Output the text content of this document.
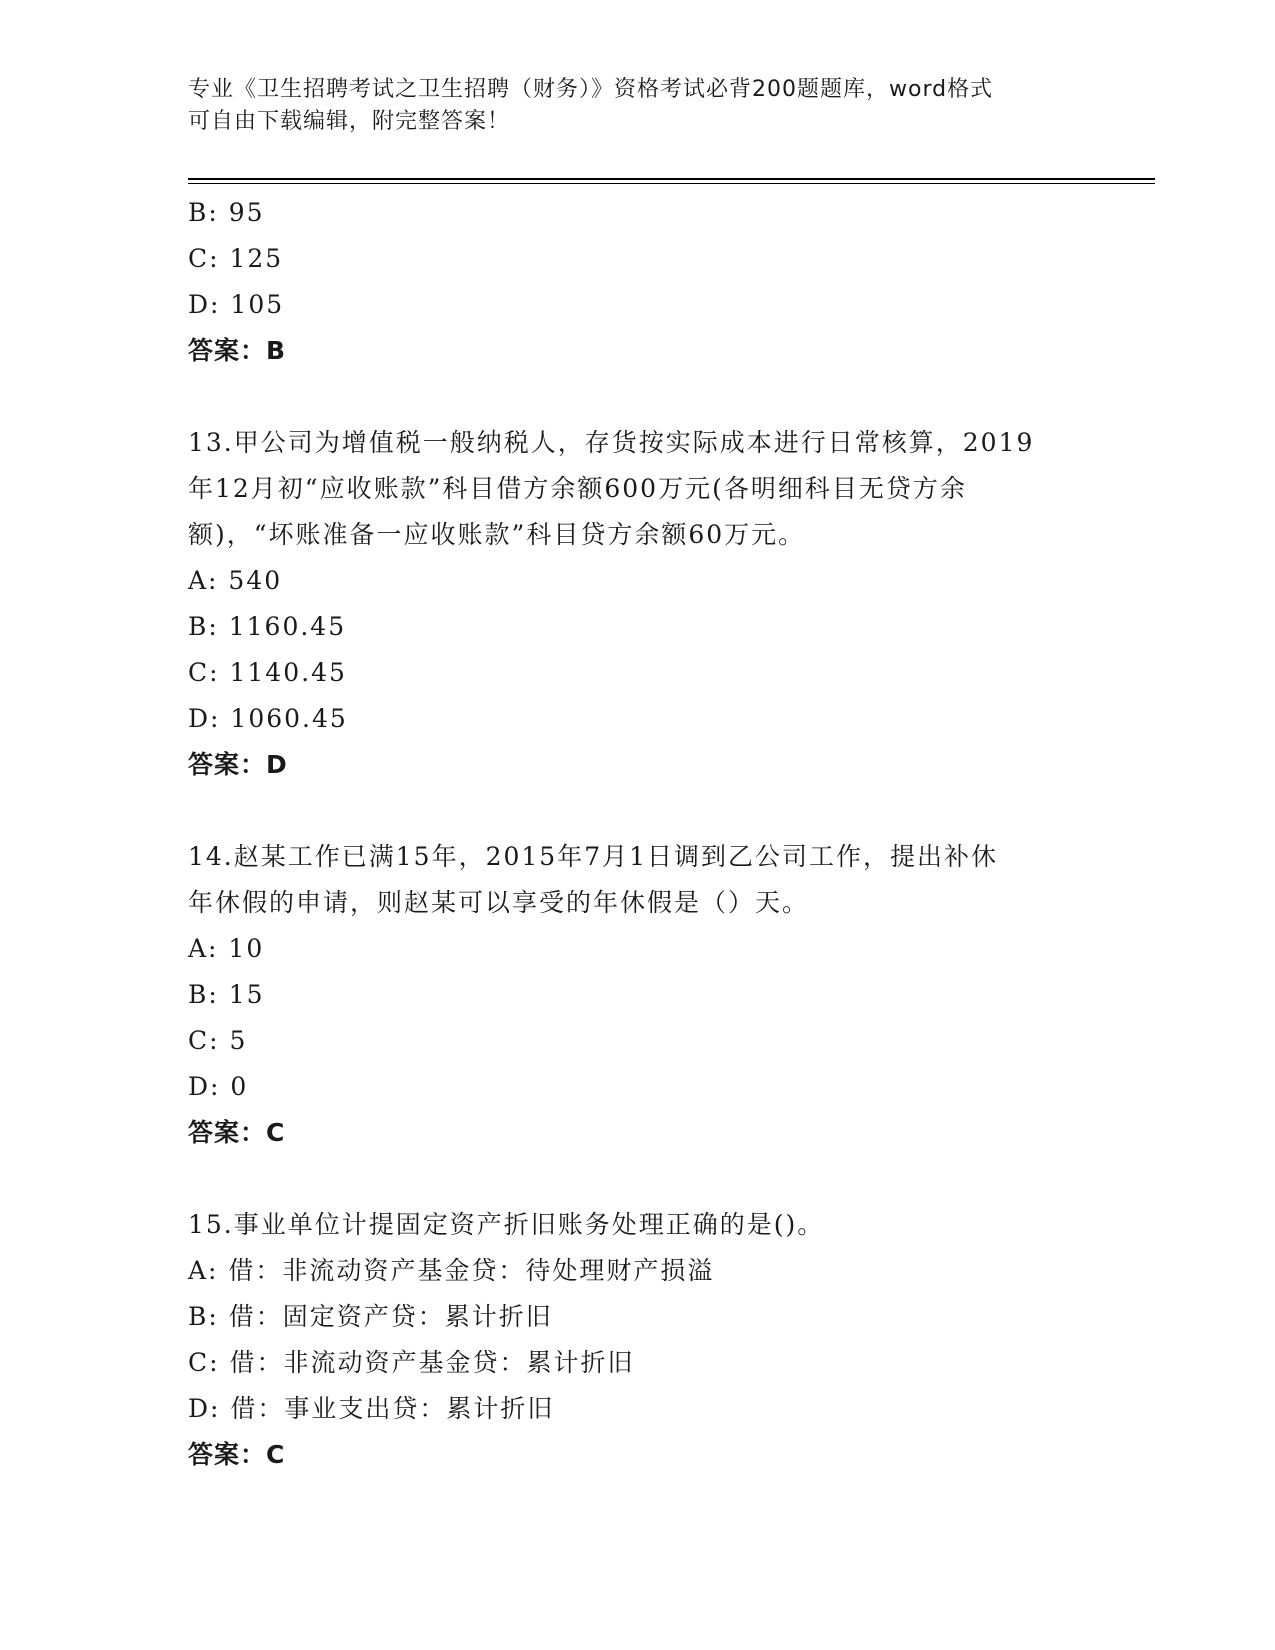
专业《卫生招聘考试之卫生招聘（财务）》资格考试必背200题题库，word格式
可自由下载编辑，附完整答案！
B: 95
C: 125
D: 105
答案：B
13.甲公司为增值税一般纳税人，存货按实际成本进行日常核算，2019
年12月初“应收账款”科目借方余额600万元(各明细科目无贷方余
额)，“坏账准备一应收账款”科目贷方余额60万元。
A: 540
B: 1160.45
C: 1140.45
D: 1060.45
答案：D
14.赵某工作已满15年，2015年7月1日调到乙公司工作，提出补休
年休假的申请，则赵某可以享受的年休假是（）天。
A: 10
B: 15
C: 5
D: 0
答案：C
15.事业单位计提固定资产折旧账务处理正确的是()。
A: 借：非流动资产基金贷：待处理财产损溢
B: 借：固定资产贷：累计折旧
C: 借：非流动资产基金贷：累计折旧
D: 借：事业支出贷：累计折旧
答案：C
